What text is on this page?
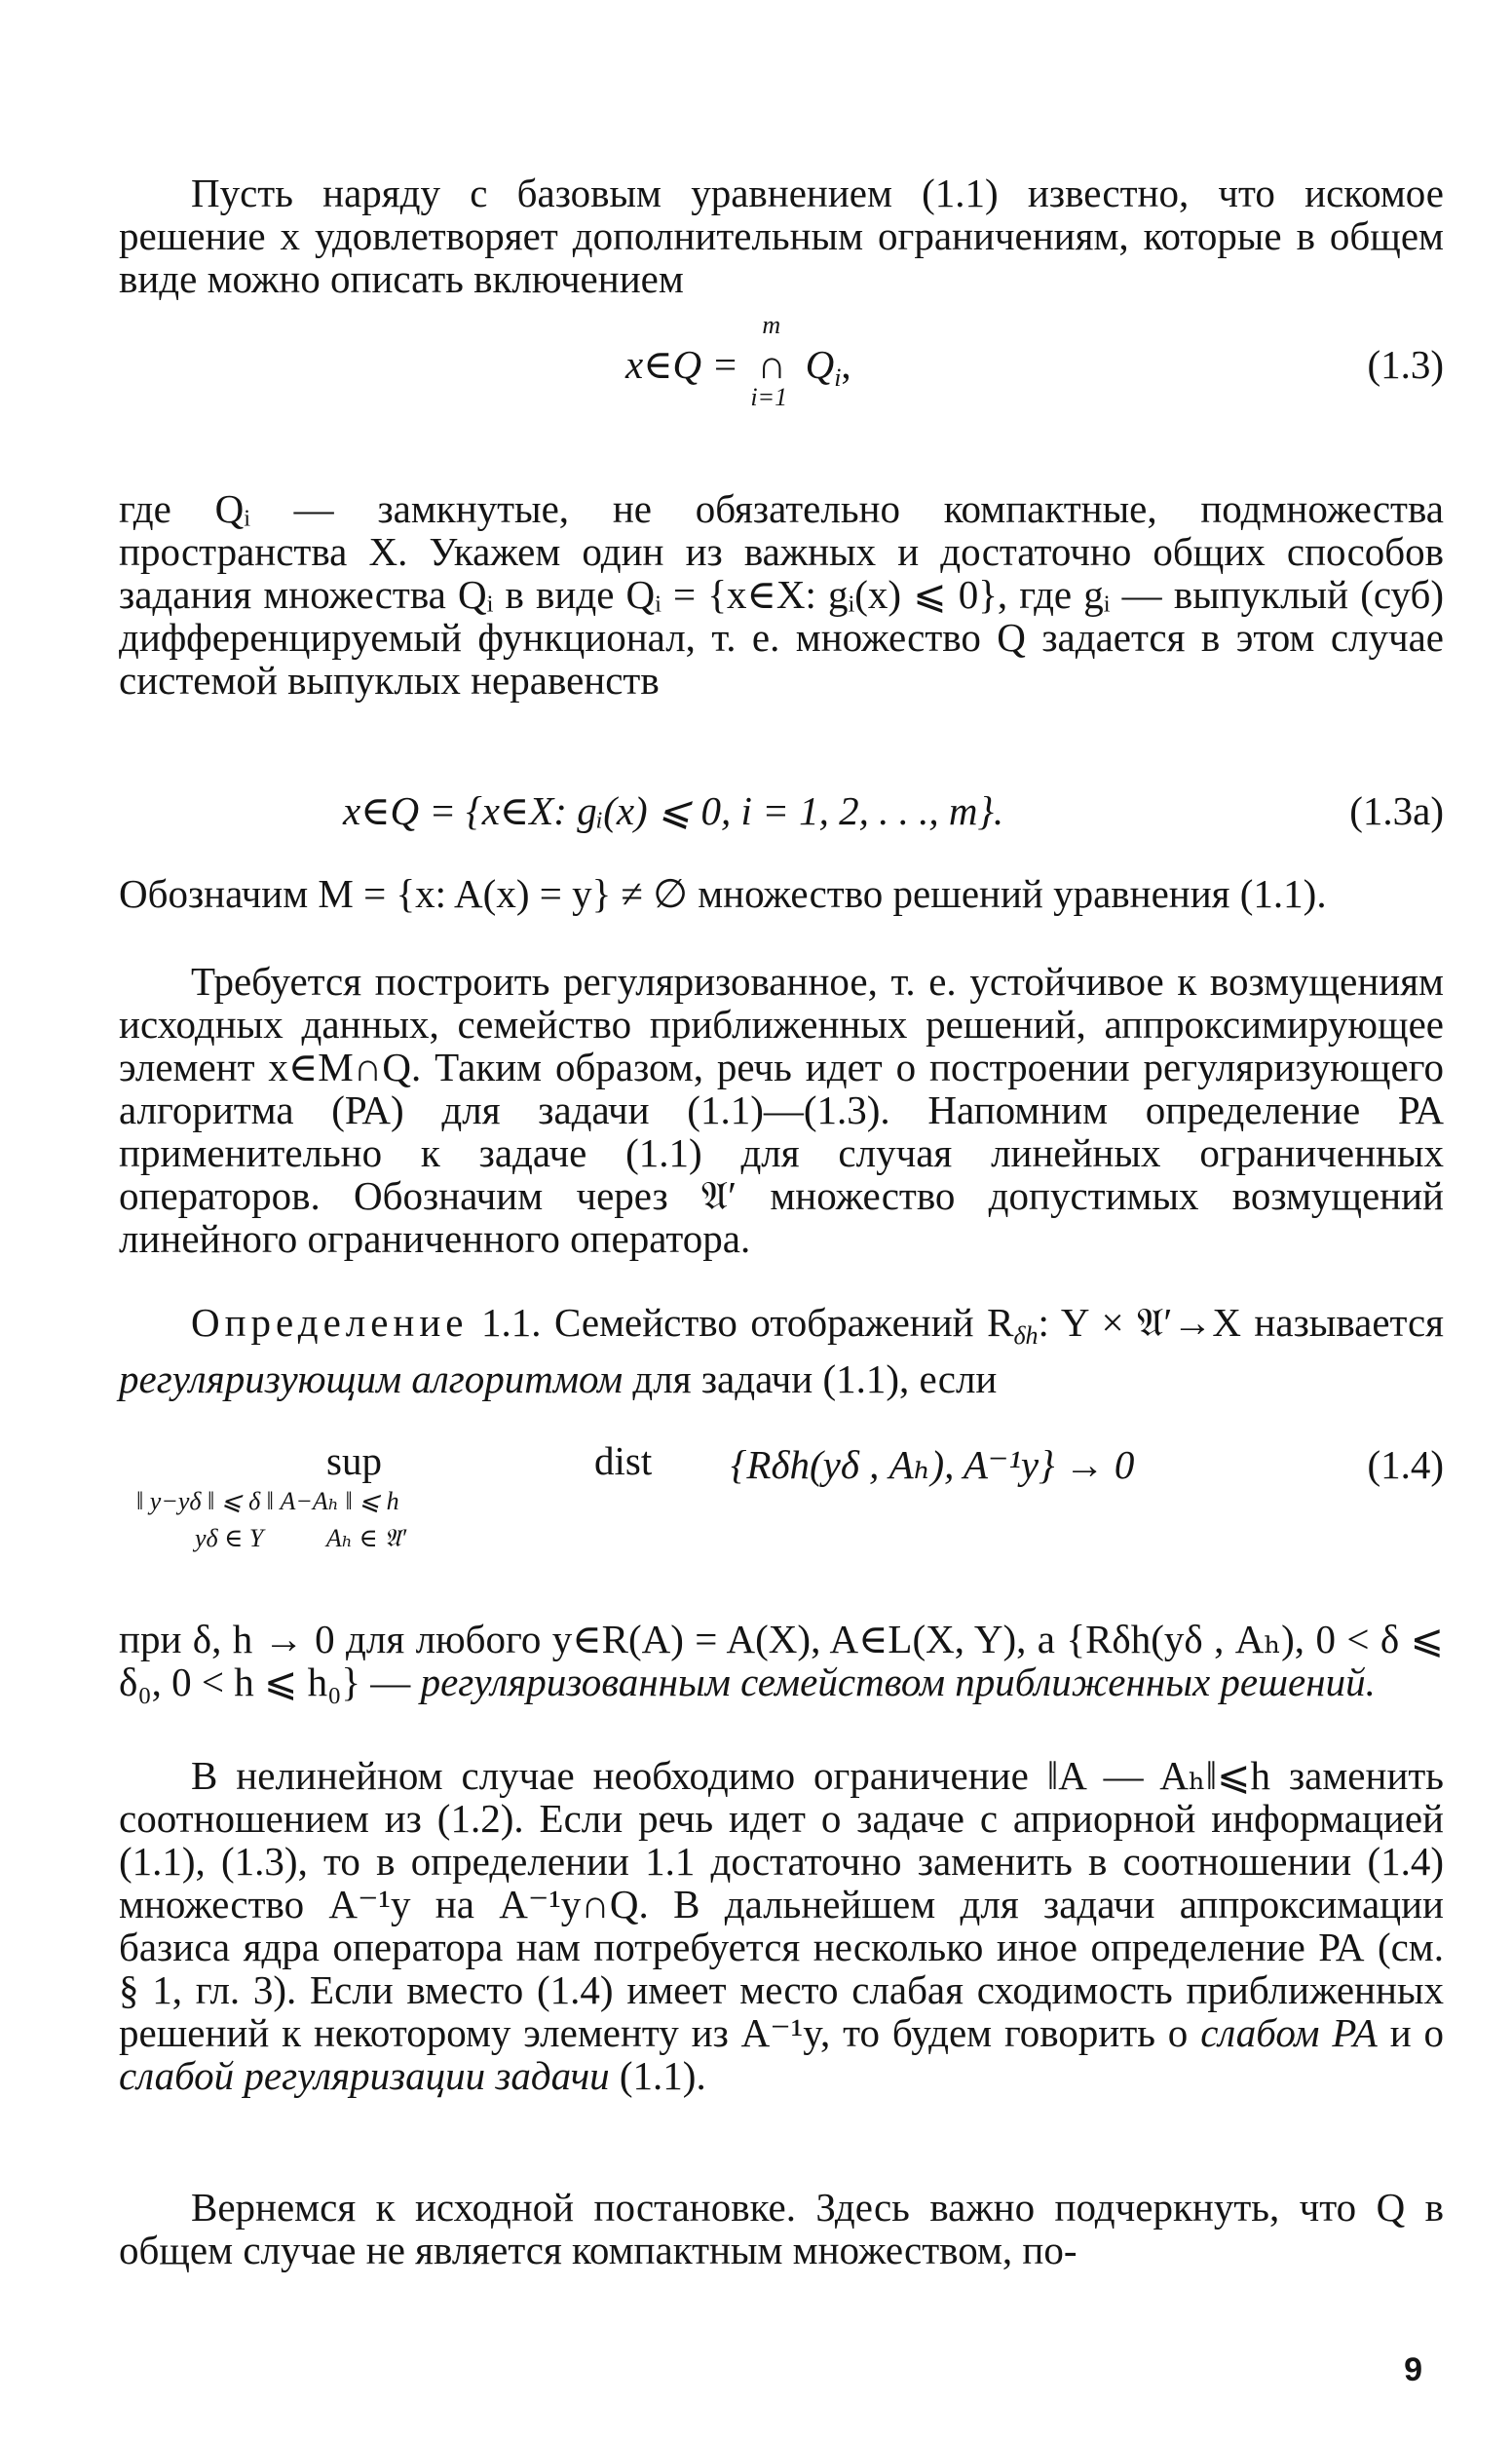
Пусть наряду с базовым уравнением (1.1) известно, что искомое решение x удовлетворяет дополнительным ограничениям, которые в общем виде можно описать включением

x∈Q =
m
∩
i=1
$Q_i$,	(1.3)

где Qᵢ — замкнутые, не обязательно компактные, подмножества пространства X. Укажем один из важных и достаточно общих способов задания множества Qᵢ в виде Qᵢ = {x∈X: gᵢ(x) ⩽ 0}, где gᵢ — выпуклый (суб) дифференцируемый функционал, т. е. множество Q задается в этом случае системой выпуклых неравенств

x∈Q = {x∈X: gᵢ(x) ⩽ 0, i = 1, 2, . . ., m}.	(1.3a)

Обозначим M = {x: A(x) = y} ≠ ∅ множество решений уравнения (1.1).

Требуется построить регуляризованное, т. е. устойчивое к возмущениям исходных данных, семейство приближенных решений, аппроксимирующее элемент x∈M∩Q. Таким образом, речь идет о построении регуляризующего алгоритма (РА) для задачи (1.1)—(1.3). Напомним определение РА применительно к задаче (1.1) для случая линейных ограниченных операторов. Обозначим через 𝔄′ множество допустимых возмущений линейного ограниченного оператора.

Определение 1.1. Семейство отображений $R_{\delta h}$: Y × 𝔄′→X называется регуляризующим алгоритмом для задачи (1.1), если

sup
‖ y−yδ ‖ ⩽ δ ‖ A−Aₕ ‖ ⩽ h
yδ ∈ Y          Aₕ ∈ 𝔄′
dist {Rδh(yδ , Aₕ), A⁻¹y} → 0	(1.4)

при δ, h → 0 для любого y∈R(A) = A(X), A∈L(X, Y), а {Rδh(yδ , Aₕ), 0 < δ ⩽ δ₀, 0 < h ⩽ h₀} — регуляризованным семейством приближенных решений.

В нелинейном случае необходимо ограничение ‖A — Aₕ‖⩽h заменить соотношением из (1.2). Если речь идет о задаче с априорной информацией (1.1), (1.3), то в определении 1.1 достаточно заменить в соотношении (1.4) множество A⁻¹y на A⁻¹y∩Q. В дальнейшем для задачи аппроксимации базиса ядра оператора нам потребуется несколько иное определение РА (см. § 1, гл. 3). Если вместо (1.4) имеет место слабая сходимость приближенных решений к некоторому элементу из A⁻¹y, то будем говорить о слабом РА и о слабой регуляризации задачи (1.1).

Вернемся к исходной постановке. Здесь важно подчеркнуть, что Q в общем случае не является компактным множеством, по-

9
